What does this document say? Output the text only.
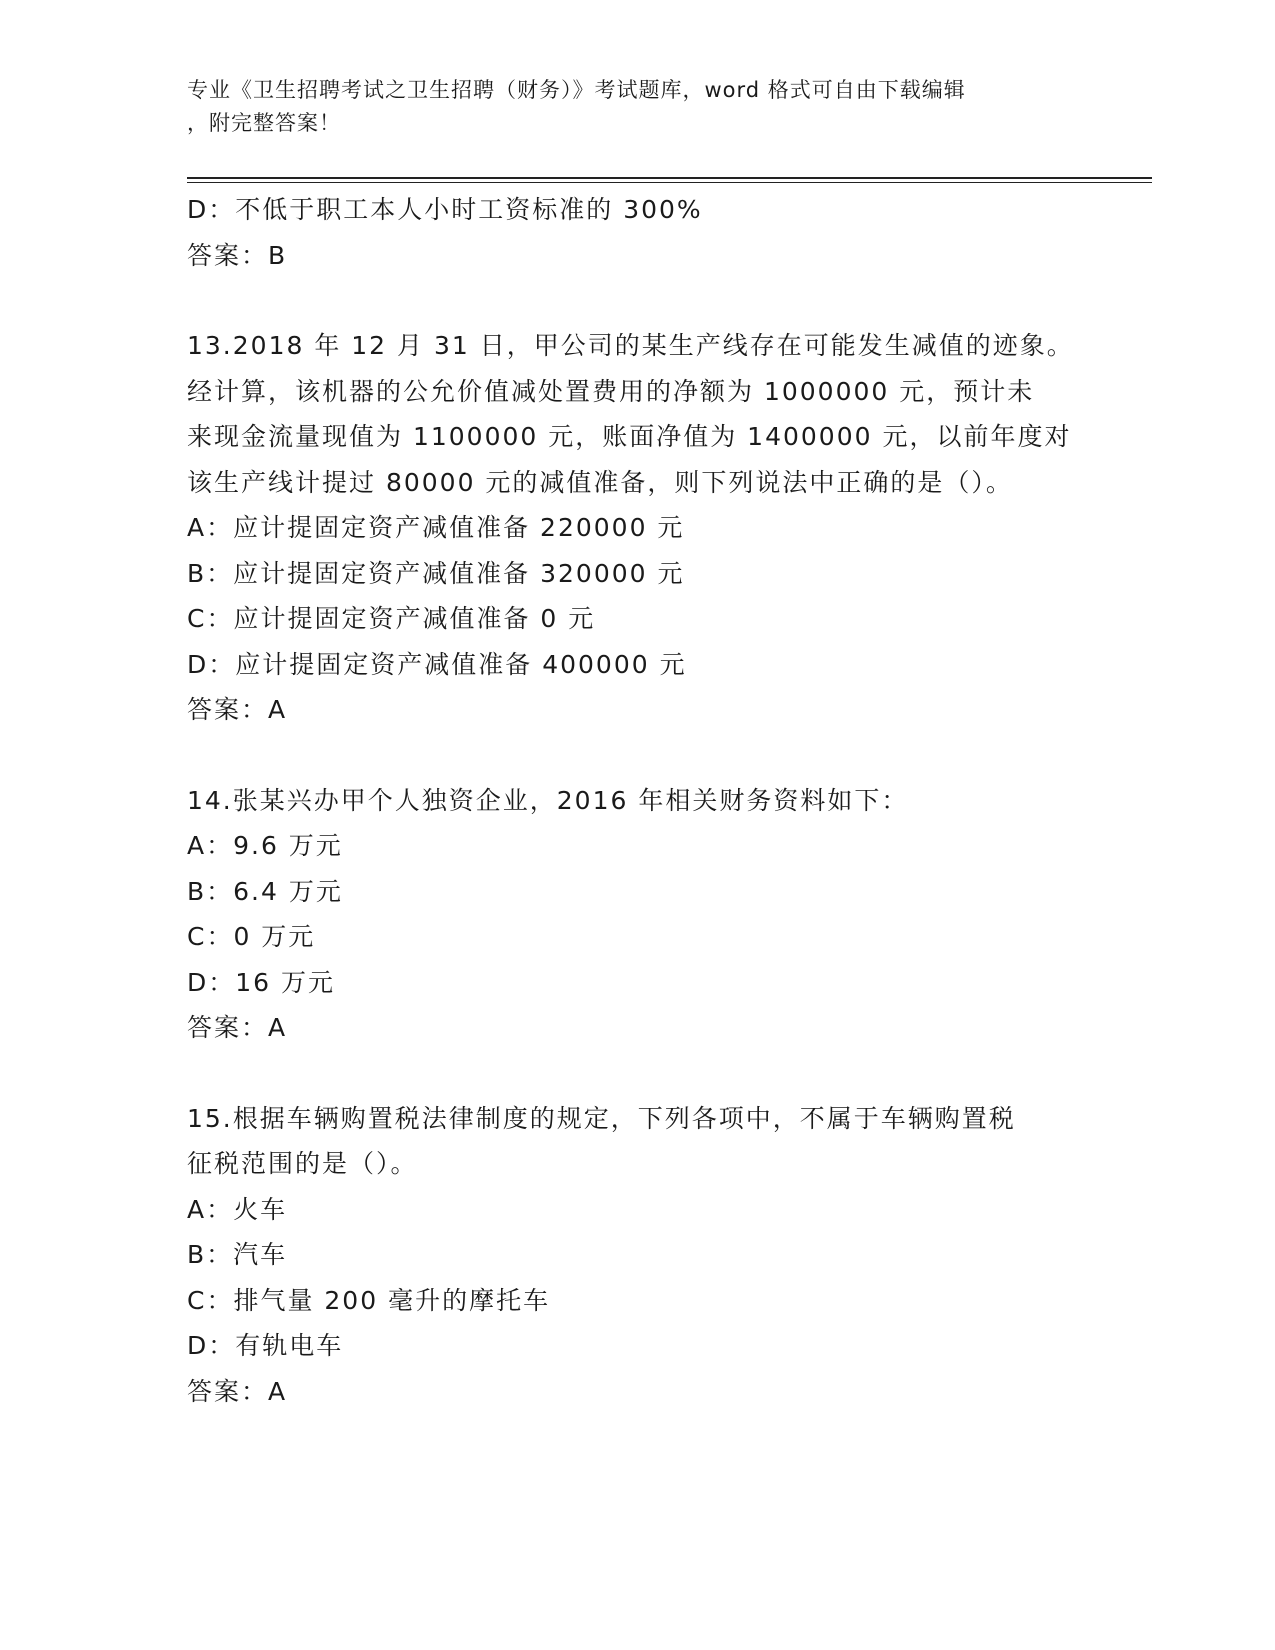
专业《卫生招聘考试之卫生招聘（财务）》考试题库，word 格式可自由下载编辑
，附完整答案！
D：不低于职工本人小时工资标准的 300%
答案：B
13.2018 年 12 月 31 日，甲公司的某生产线存在可能发生减值的迹象。
经计算，该机器的公允价值减处置费用的净额为 1000000 元，预计未
来现金流量现值为 1100000 元，账面净值为 1400000 元，以前年度对
该生产线计提过 80000 元的减值准备，则下列说法中正确的是（）。
A：应计提固定资产减值准备 220000 元
B：应计提固定资产减值准备 320000 元
C：应计提固定资产减值准备 0 元
D：应计提固定资产减值准备 400000 元
答案：A
14.张某兴办甲个人独资企业，2016 年相关财务资料如下：
A：9.6 万元
B：6.4 万元
C：0 万元
D：16 万元
答案：A
15.根据车辆购置税法律制度的规定，下列各项中，不属于车辆购置税
征税范围的是（）。
A：火车
B：汽车
C：排气量 200 毫升的摩托车
D：有轨电车
答案：A
